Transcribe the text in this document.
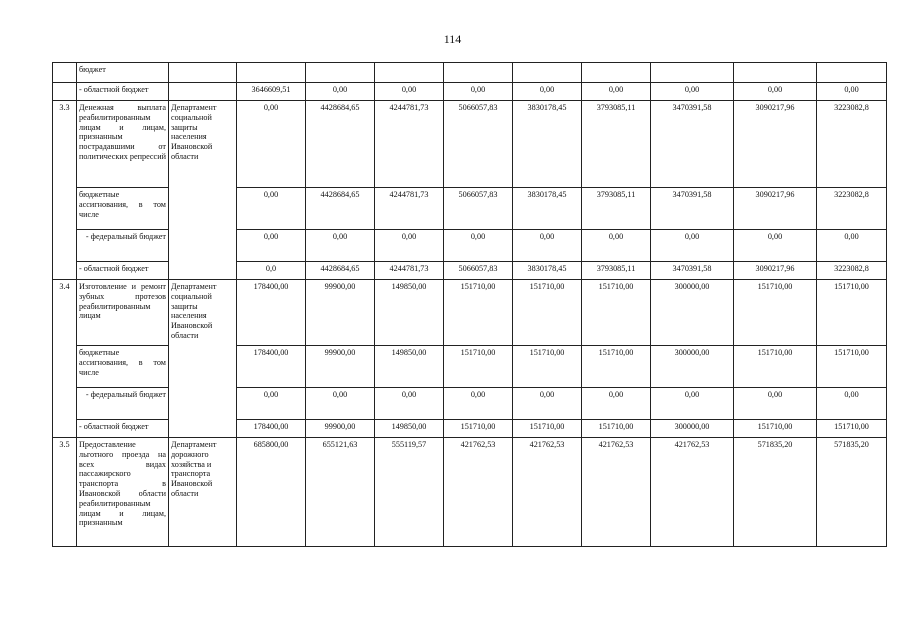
114
	бюджет										
	- областной бюджет		3646609,51	0,00	0,00	0,00	0,00	0,00	0,00	0,00	0,00
3.3	Денежная выплата реабилитированным лицам и лицам, признанным пострадавшими от политических репрессий	Департамент социальной защиты населения Ивановской области	0,00	4428684,65	4244781,73	5066057,83	3830178,45	3793085,11	3470391,58	3090217,96	3223082,8
	бюджетные ассигнования, в том числе		0,00	4428684,65	4244781,73	5066057,83	3830178,45	3793085,11	3470391,58	3090217,96	3223082,8
	- федеральный бюджет		0,00	0,00	0,00	0,00	0,00	0,00	0,00	0,00	0,00
	- областной бюджет		0,0	4428684,65	4244781,73	5066057,83	3830178,45	3793085,11	3470391,58	3090217,96	3223082,8
3.4	Изготовление и ремонт зубных протезов реабилитированным лицам	Департамент социальной защиты населения Ивановской области	178400,00	99900,00	149850,00	151710,00	151710,00	151710,00	300000,00	151710,00	151710,00
	бюджетные ассигнования, в том числе		178400,00	99900,00	149850,00	151710,00	151710,00	151710,00	300000,00	151710,00	151710,00
	- федеральный бюджет		0,00	0,00	0,00	0,00	0,00	0,00	0,00	0,00	0,00
	- областной бюджет		178400,00	99900,00	149850,00	151710,00	151710,00	151710,00	300000,00	151710,00	151710,00
3.5	Предоставление льготного проезда на всех видах пассажирского транспорта в Ивановской области реабилитированным лицам и лицам, признанным	Департамент дорожного хозяйства и транспорта Ивановской области	685800,00	655121,63	555119,57	421762,53	421762,53	421762,53	421762,53	571835,20	571835,20
